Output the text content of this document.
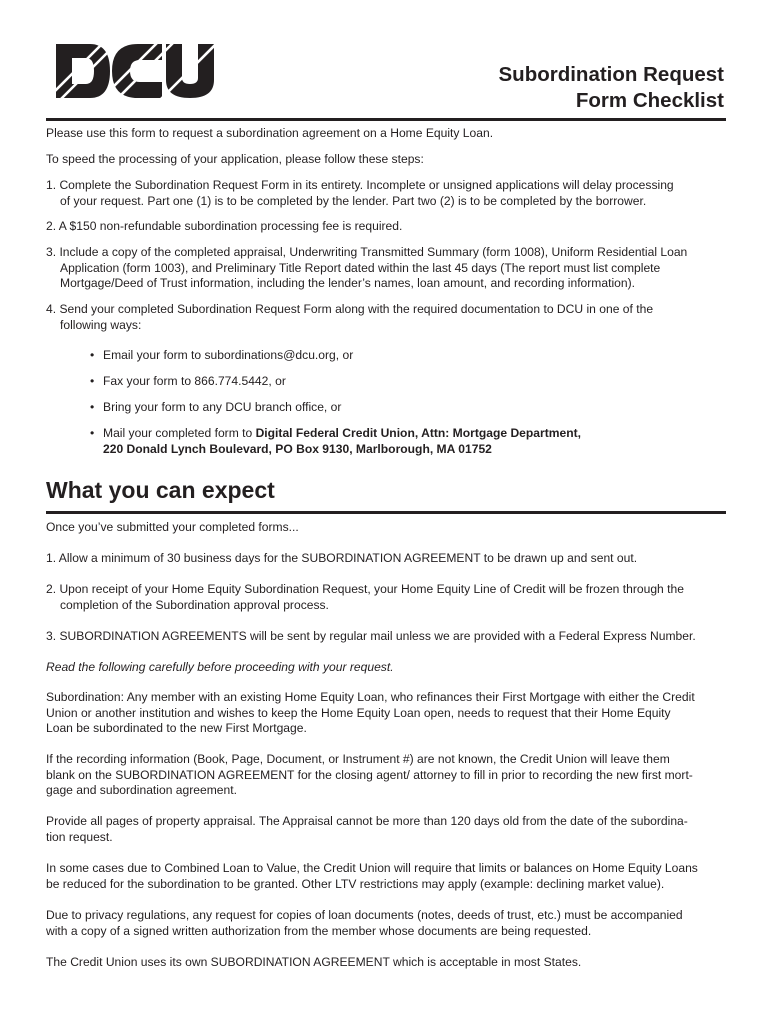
Subordination Request
Form Checklist

Please use this form to request a subordination agreement on a Home Equity Loan.

To speed the processing of your application, please follow these steps:

1. Complete the Subordination Request Form in its entirety. Incomplete or unsigned applications will delay processing
of your request. Part one (1) is to be completed by the lender. Part two (2) is to be completed by the borrower.
2. A $150 non-refundable subordination processing fee is required.
3. Include a copy of the completed appraisal, Underwriting Transmitted Summary (form 1008), Uniform Residential Loan
Application (form 1003), and Preliminary Title Report dated within the last 45 days (The report must list complete
Mortgage/Deed of Trust information, including the lender’s names, loan amount, and recording information).
4. Send your completed Subordination Request Form along with the required documentation to DCU in one of the
following ways:
• Email your form to subordinations@dcu.org, or
• Fax your form to 866.774.5442, or
• Bring your form to any DCU branch office, or
• Mail your completed form to Digital Federal Credit Union, Attn: Mortgage Department,
220 Donald Lynch Boulevard, PO Box 9130, Marlborough, MA 01752
What you can expect

Once you’ve submitted your completed forms...

1. Allow a minimum of 30 business days for the SUBORDINATION AGREEMENT to be drawn up and sent out.
2. Upon receipt of your Home Equity Subordination Request, your Home Equity Line of Credit will be frozen through the
completion of the Subordination approval process.
3. SUBORDINATION AGREEMENTS will be sent by regular mail unless we are provided with a Federal Express Number.

Read the following carefully before proceeding with your request.

Subordination: Any member with an existing Home Equity Loan, who refinances their First Mortgage with either the Credit
Union or another institution and wishes to keep the Home Equity Loan open, needs to request that their Home Equity
Loan be subordinated to the new First Mortgage.
If the recording information (Book, Page, Document, or Instrument #) are not known, the Credit Union will leave them
blank on the SUBORDINATION AGREEMENT for the closing agent/ attorney to fill in prior to recording the new first mort-
gage and subordination agreement.
Provide all pages of property appraisal. The Appraisal cannot be more than 120 days old from the date of the subordina-
tion request.
In some cases due to Combined Loan to Value, the Credit Union will require that limits or balances on Home Equity Loans
be reduced for the subordination to be granted. Other LTV restrictions may apply (example: declining market value).
Due to privacy regulations, any request for copies of loan documents (notes, deeds of trust, etc.) must be accompanied
with a copy of a signed written authorization from the member whose documents are being requested.
The Credit Union uses its own SUBORDINATION AGREEMENT which is acceptable in most States.
